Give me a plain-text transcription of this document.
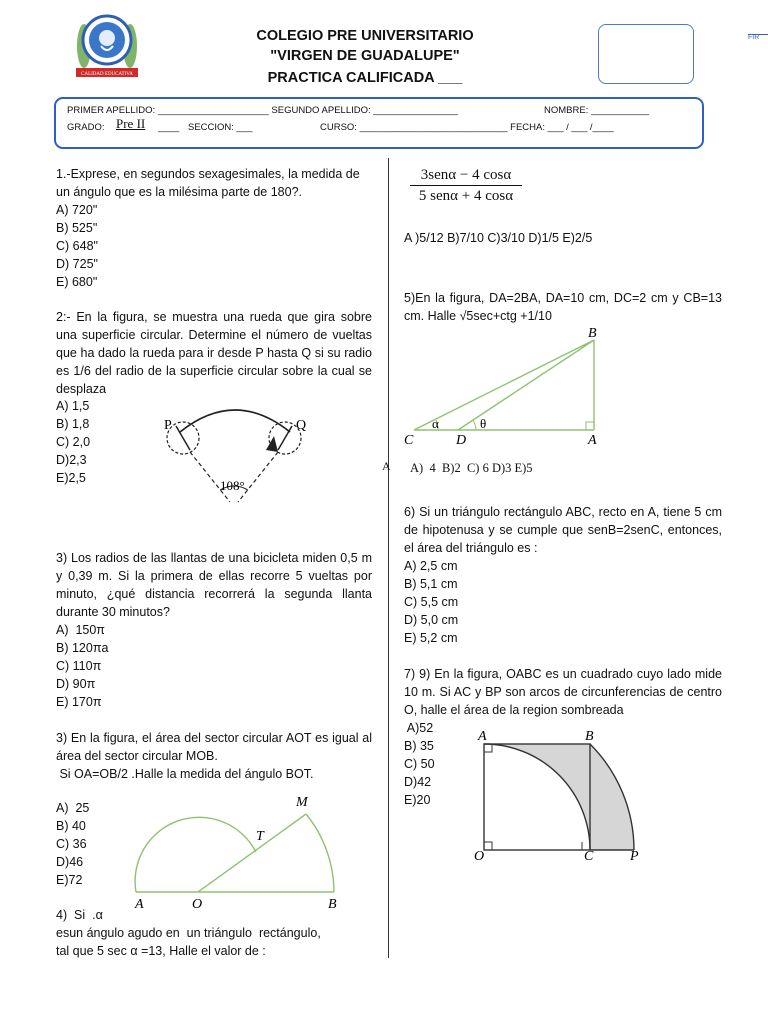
CALIDAD EDUCATIVA
COLEGIO PRE UNIVERSITARIO
"VIRGEN DE GUADALUPE"
PRACTICA CALIFICADA ___
FIR
PRIMER APELLIDO: _____________________ SEGUNDO APELLIDO: ________________	NOMBRE: ___________
GRADO: Pre II ____ SECCION: ___	CURSO: ____________________________ FECHA: ___ / ___ /____
1.-Exprese, en segundos sexagesimales, la medida de un ángulo que es la milésima parte de 180?.
A) 720"
B) 525"
C) 648"
D) 725"
E) 680"
2:- En la figura, se muestra una rueda que gira sobre una superficie circular. Determine el número de vueltas que ha dado la rueda para ir desde P hasta Q si su radio es 1/6 del radio de la superficie circular sobre la cual se desplaza
A) 1,5
B) 1,8
C) 2,0
D)2,3
E)2,5
P	Q
108°
3) Los radios de las llantas de una bicicleta miden 0,5 m y 0,39 m. Si la primera de ellas recorre 5 vueltas por minuto, ¿qué distancia recorrerá la segunda llanta durante 30 minutos?
A)  150π
B) 120πa
C) 110π
D) 90π
E) 170π
3) En la figura, el área del sector circular AOT es igual al área del sector circular MOB.
Si OA=OB/2 .Halle la medida del ángulo BOT.
A)  25
B) 40
C) 36
D)46
E)72
M
T
A	O	B
4)  Si  .α
esun ángulo agudo en  un triángulo  rectángulo,
tal que 5 sec α =13, Halle el valor de :
3senα − 4 cosα
5 senα + 4 cosα
A )5/12 B)7/10 C)3/10 D)1/5 E)2/5
5)En la figura, DA=2BA, DA=10 cm, DC=2 cm y CB=13 cm. Halle √5sec+ctg +1/10
B
C	D	A
α	θ
A A)  4  B)2  C) 6 D)3 E)5
6) Si un triángulo rectángulo ABC, recto en A, tiene 5 cm de hipotenusa y se cumple que senB=2senC, entonces, el área del triángulo es :
A) 2,5 cm
B) 5,1 cm
C) 5,5 cm
D) 5,0 cm
E) 5,2 cm
7) 9) En la figura, OABC es un cuadrado cuyo lado mide 10 m. Si AC y BP son arcos de circunferencias de centro O, halle el área de la region sombreada
A)52
B) 35
C) 50
D)42
E)20
A	B
O	C	P
